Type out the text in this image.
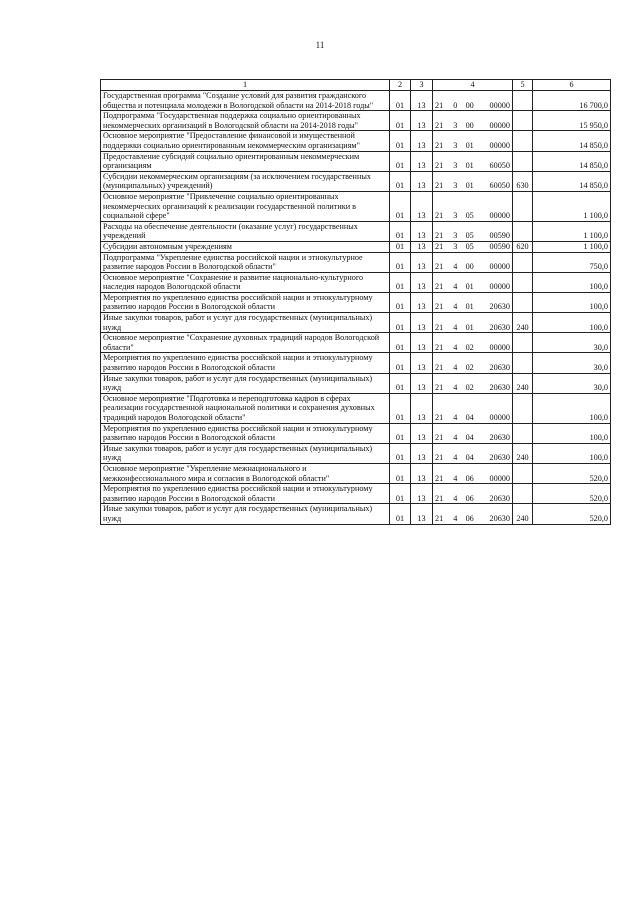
11
1	2	3	4	5	6
Государственная программа "Создание условий для развития гражданского общества и потенциала молодежи в Вологодской области на 2014-2018 годы"	01	13	21 0 00 00000		16 700,0
Подпрограмма "Государственная поддержка социально ориентированных некоммерческих организаций в Вологодской области на 2014-2018 годы"	01	13	21 3 00 00000		15 950,0
Основное мероприятие "Предоставление финансовой и имущественной поддержки социально ориентированным некоммерческим организациям"	01	13	21 3 01 00000		14 850,0
Предоставление субсидий социально ориентированным некоммерческим организациям	01	13	21 3 01 60050		14 850,0
Субсидии некоммерческим организациям (за исключением государственных (муниципальных) учреждений)	01	13	21 3 01 60050	630	14 850,0
Основное мероприятие "Привлечение социально ориентированных некоммерческих организаций к реализации государственной политики в социальной сфере"	01	13	21 3 05 00000		1 100,0
Расходы на обеспечение деятельности (оказание услуг) государственных учреждений	01	13	21 3 05 00590		1 100,0
Субсидии автономным учреждениям	01	13	21 3 05 00590	620	1 100,0
Подпрограмма "Укрепление единства российской нации и этнокультурное развитие народов России в Вологодской области"	01	13	21 4 00 00000		750,0
Основное мероприятие "Сохранение и развитие национально-культурного наследия народов Вологодской области	01	13	21 4 01 00000		100,0
Мероприятия по укреплению единства российской нации и этнокультурному развитию народов России в Вологодской области	01	13	21 4 01 20630		100,0
Иные закупки товаров, работ и услуг для государственных (муниципальных) нужд	01	13	21 4 01 20630	240	100,0
Основное мероприятие "Сохранение духовных традиций народов Вологодской области"	01	13	21 4 02 00000		30,0
Мероприятия по укреплению единства российской нации и этнокультурному развитию народов России в Вологодской области	01	13	21 4 02 20630		30,0
Иные закупки товаров, работ и услуг для государственных (муниципальных) нужд	01	13	21 4 02 20630	240	30,0
Основное мероприятие "Подготовка и переподготовка кадров в сферах реализации государственной национальной политики и сохранения духовных традиций народов Вологодской области"	01	13	21 4 04 00000		100,0
Мероприятия по укреплению единства российской нации и этнокультурному развитию народов России в Вологодской области	01	13	21 4 04 20630		100,0
Иные закупки товаров, работ и услуг для государственных (муниципальных) нужд	01	13	21 4 04 20630	240	100,0
Основное мероприятие "Укрепление межнационального и межконфессионального мира и согласия в Вологодской области"	01	13	21 4 06 00000		520,0
Мероприятия по укреплению единства российской нации и этнокультурному развитию народов России в Вологодской области	01	13	21 4 06 20630		520,0
Иные закупки товаров, работ и услуг для государственных (муниципальных) нужд	01	13	21 4 06 20630	240	520,0
